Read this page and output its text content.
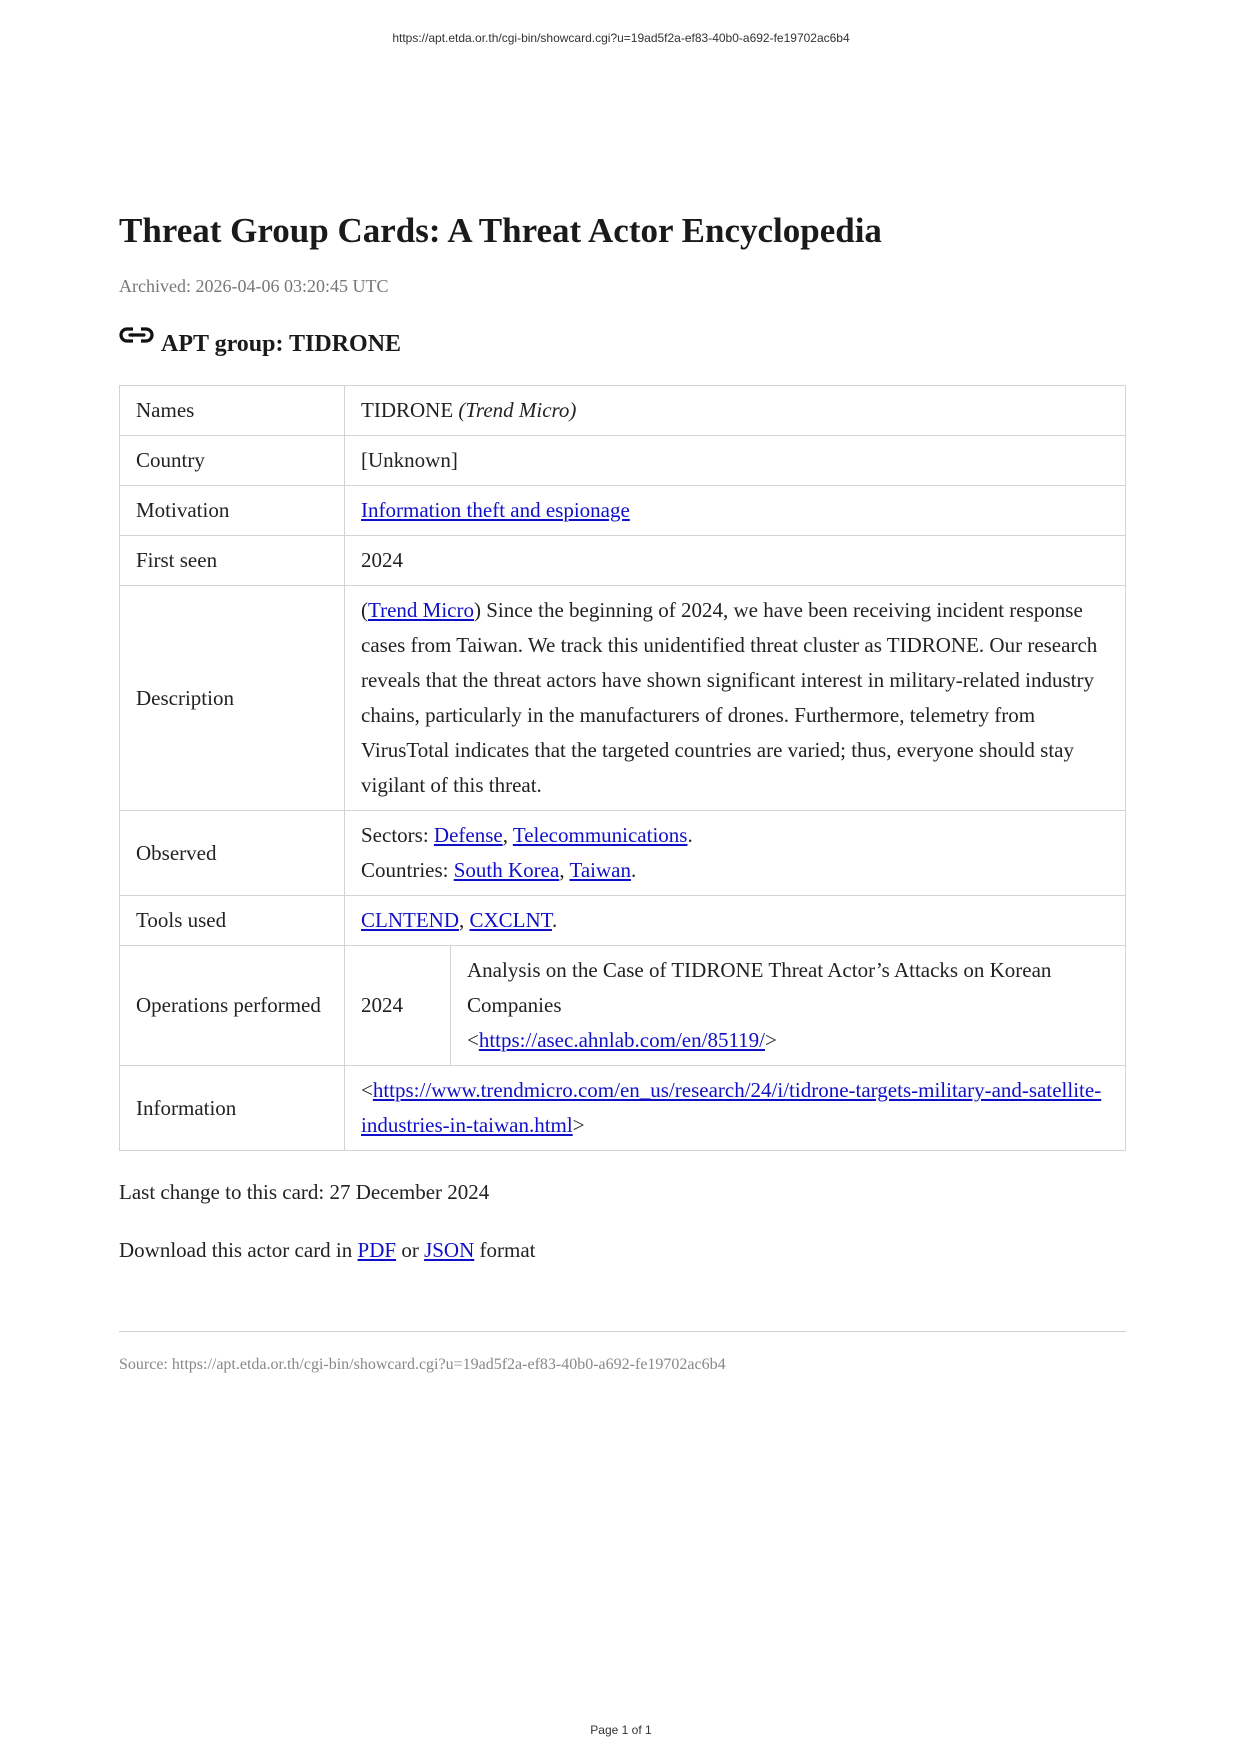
https://apt.etda.or.th/cgi-bin/showcard.cgi?u=19ad5f2a-ef83-40b0-a692-fe19702ac6b4
Threat Group Cards: A Threat Actor Encyclopedia
Archived: 2026-04-06 03:20:45 UTC
APT group: TIDRONE
Names	TIDRONE (Trend Micro)	
Country	[Unknown]	
Motivation	Information theft and espionage	
First seen	2024	
Description	(Trend Micro) Since the beginning of 2024, we have been receiving incident response cases from Taiwan. We track this unidentified threat cluster as TIDRONE. Our research reveals that the threat actors have shown significant interest in military-related industry chains, particularly in the manufacturers of drones. Furthermore, telemetry from VirusTotal indicates that the targeted countries are varied; thus, everyone should stay vigilant of this threat.	
Observed	Sectors: Defense, Telecommunications.
Countries: South Korea, Taiwan.	

Tools used	CLNTEND, CXCLNT.	
Operations performed	2024	Analysis on the Case of TIDRONE Threat Actor’s Attacks on Korean Companies
<https://asec.ahnlab.com/en/85119/>

Information	<https://www.trendmicro.com/en_us/research/24/i/tidrone-targets-military-and-satellite-industries-in-taiwan.html>	
Last change to this card: 27 December 2024
Download this actor card in PDF or JSON format
Source: https://apt.etda.or.th/cgi-bin/showcard.cgi?u=19ad5f2a-ef83-40b0-a692-fe19702ac6b4
Page 1 of 1
